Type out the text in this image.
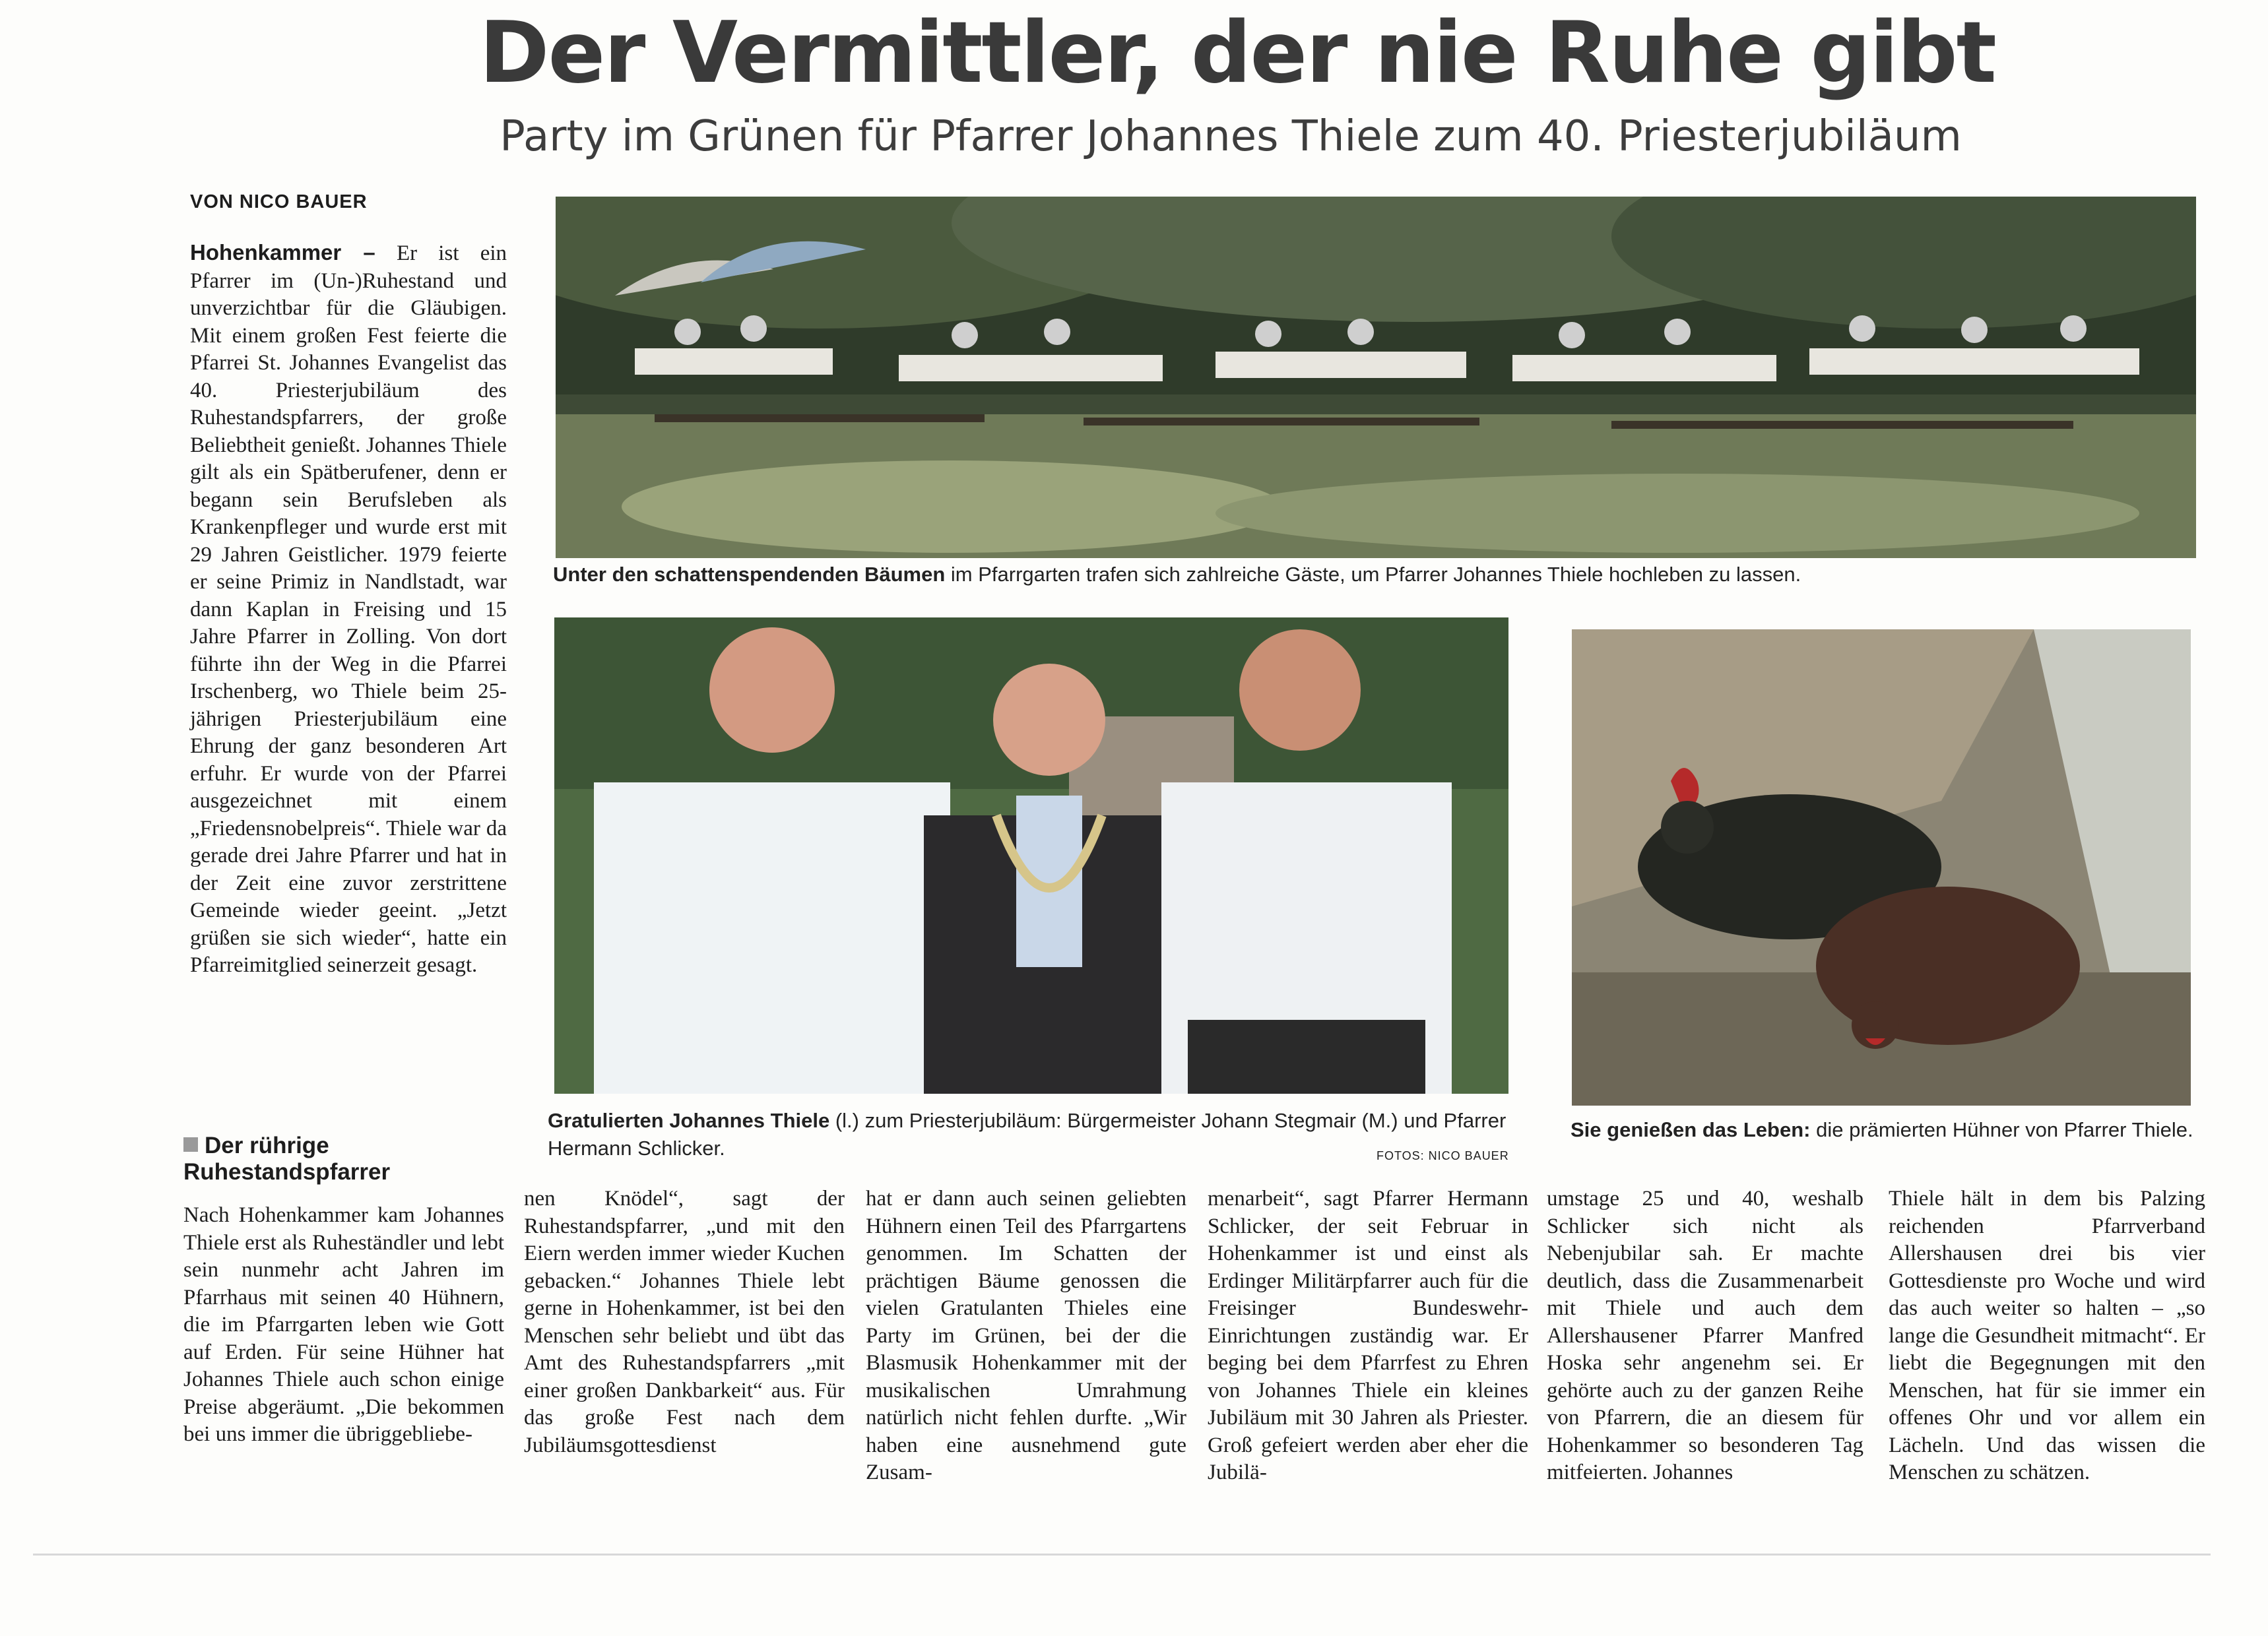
Der Vermittler, der nie Ruhe gibt
Party im Grünen für Pfarrer Johannes Thiele zum 40. Priesterjubiläum
VON NICO BAUER
Unter den schattenspendenden Bäumen im Pfarrgarten trafen sich zahlreiche Gäste, um Pfarrer Johannes Thiele hochleben zu lassen.
Gratulierten Johannes Thiele (l.) zum Priesterjubiläum: Bürgermeister Johann Stegmair (M.) und Pfarrer Hermann Schlicker.	FOTOS: NICO BAUER
Sie genießen das Leben: die prämierten Hühner von Pfarrer Thiele.

Hohenkammer – Er ist ein Pfarrer im (Un-)Ruhestand und unverzichtbar für die Gläubigen. Mit einem großen Fest feierte die Pfarrei St. Johannes Evangelist das 40. Priesterjubiläum des Ruhestandspfarrers, der große Beliebtheit genießt. Johannes Thiele gilt als ein Spätberufener, denn er begann sein Berufsleben als Krankenpfleger und wurde erst mit 29 Jahren Geistlicher. 1979 feierte er seine Primiz in Nandlstadt, war dann Kaplan in Freising und 15 Jahre Pfarrer in Zolling. Von dort führte ihn der Weg in die Pfarrei Irschenberg, wo Thiele beim 25-jährigen Priesterjubiläum eine Ehrung der ganz besonderen Art erfuhr. Er wurde von der Pfarrei ausgezeichnet mit einem „Friedensnobelpreis“. Thiele war da gerade drei Jahre Pfarrer und hat in der Zeit eine zuvor zerstrittene Gemeinde wieder geeint. „Jetzt grüßen sie sich wieder“, hatte ein Pfarreimitglied seinerzeit gesagt.

Der rührige Ruhestandspfarrer

Nach Hohenkammer kam Johannes Thiele erst als Ruheständler und lebt sein nunmehr acht Jahren im Pfarrhaus mit seinen 40 Hühnern, die im Pfarrgarten leben wie Gott auf Erden. Für seine Hühner hat Johannes Thiele auch schon einige Preise abgeräumt. „Die bekommen bei uns immer die übriggebliebe-

nen Knödel“, sagt der Ruhestandspfarrer, „und mit den Eiern werden immer wieder Kuchen gebacken.“ Johannes Thiele lebt gerne in Hohenkammer, ist bei den Menschen sehr beliebt und übt das Amt des Ruhestandspfarrers „mit einer großen Dankbarkeit“ aus. Für das große Fest nach dem Jubiläumsgottesdienst

hat er dann auch seinen geliebten Hühnern einen Teil des Pfarrgartens genommen. Im Schatten der prächtigen Bäume genossen die vielen Gratulanten Thieles eine Party im Grünen, bei der die Blasmusik Hohenkammer mit der musikalischen Umrahmung natürlich nicht fehlen durfte. „Wir haben eine ausnehmend gute Zusam-

menarbeit“, sagt Pfarrer Hermann Schlicker, der seit Februar in Hohenkammer ist und einst als Erdinger Militärpfarrer auch für die Freisinger Bundeswehr-Einrichtungen zuständig war. Er beging bei dem Pfarrfest zu Ehren von Johannes Thiele ein kleines Jubiläum mit 30 Jahren als Priester. Groß gefeiert werden aber eher die Jubilä-

umstage 25 und 40, weshalb Schlicker sich nicht als Nebenjubilar sah. Er machte deutlich, dass die Zusammenarbeit mit Thiele und auch dem Allershausener Pfarrer Manfred Hoska sehr angenehm sei. Er gehörte auch zu der ganzen Reihe von Pfarrern, die an diesem für Hohenkammer so besonderen Tag mitfeierten. Johannes

Thiele hält in dem bis Palzing reichenden Pfarrverband Allershausen drei bis vier Gottesdienste pro Woche und wird das auch weiter so halten – „so lange die Gesundheit mitmacht“. Er liebt die Begegnungen mit den Menschen, hat für sie immer ein offenes Ohr und vor allem ein Lächeln. Und das wissen die Menschen zu schätzen.
